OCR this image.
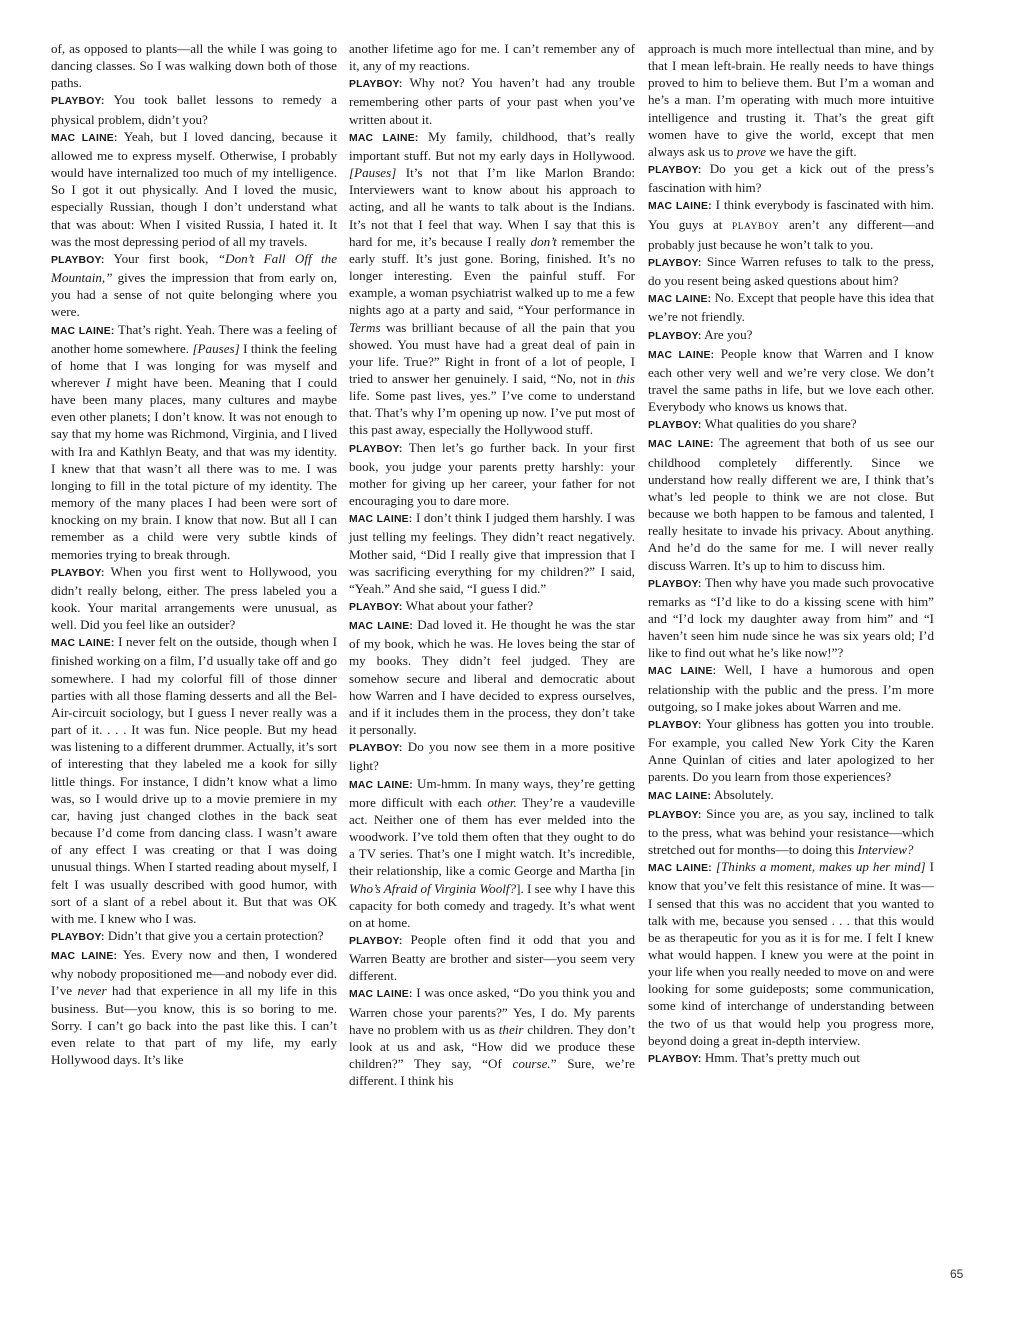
of, as opposed to plants—all the while I was going to dancing classes. So I was walking down both of those paths.

PLAYBOY: You took ballet lessons to remedy a physical problem, didn’t you?

MAC LAINE: Yeah, but I loved dancing, because it allowed me to express myself. Otherwise, I probably would have internalized too much of my intelligence. So I got it out physically. And I loved the music, especially Russian, though I don’t understand what that was about: When I visited Russia, I hated it. It was the most depressing period of all my travels.

PLAYBOY: Your first book, “Don’t Fall Off the Mountain,” gives the impression that from early on, you had a sense of not quite belonging where you were.

MAC LAINE: That’s right. Yeah. There was a feeling of another home somewhere. [Pauses] I think the feeling of home that I was longing for was myself and wherever I might have been. Meaning that I could have been many places, many cultures and maybe even other planets; I don’t know. It was not enough to say that my home was Richmond, Virginia, and I lived with Ira and Kathlyn Beaty, and that was my identity. I knew that that wasn’t all there was to me. I was longing to fill in the total picture of my identity. The memory of the many places I had been were sort of knocking on my brain. I know that now. But all I can remember as a child were very subtle kinds of memories trying to break through.

PLAYBOY: When you first went to Hollywood, you didn’t really belong, either. The press labeled you a kook. Your marital arrangements were unusual, as well. Did you feel like an outsider?

MAC LAINE: I never felt on the outside, though when I finished working on a film, I’d usually take off and go somewhere. I had my colorful fill of those dinner parties with all those flaming desserts and all the Bel-Air-circuit sociology, but I guess I never really was a part of it. . . . It was fun. Nice people. But my head was listening to a different drummer. Actually, it’s sort of interesting that they labeled me a kook for silly little things. For instance, I didn’t know what a limo was, so I would drive up to a movie premiere in my car, having just changed clothes in the back seat because I’d come from dancing class. I wasn’t aware of any effect I was creating or that I was doing unusual things. When I started reading about myself, I felt I was usually described with good humor, with sort of a slant of a rebel about it. But that was OK with me. I knew who I was.

PLAYBOY: Didn’t that give you a certain protection?

MAC LAINE: Yes. Every now and then, I wondered why nobody propositioned me—and nobody ever did. I’ve never had that experience in all my life in this business. But—you know, this is so boring to me. Sorry. I can’t go back into the past like this. I can’t even relate to that part of my life, my early Hollywood days. It’s like

another lifetime ago for me. I can’t remember any of it, any of my reactions.

PLAYBOY: Why not? You haven’t had any trouble remembering other parts of your past when you’ve written about it.

MAC LAINE: My family, childhood, that’s really important stuff. But not my early days in Hollywood. [Pauses] It’s not that I’m like Marlon Brando: Interviewers want to know about his approach to acting, and all he wants to talk about is the Indians. It’s not that I feel that way. When I say that this is hard for me, it’s because I really don’t remember the early stuff. It’s just gone. Boring, finished. It’s no longer interesting. Even the painful stuff. For example, a woman psychiatrist walked up to me a few nights ago at a party and said, “Your performance in Terms was brilliant because of all the pain that you showed. You must have had a great deal of pain in your life. True?” Right in front of a lot of people, I tried to answer her genuinely. I said, “No, not in this life. Some past lives, yes.” I’ve come to understand that. That’s why I’m opening up now. I’ve put most of this past away, especially the Hollywood stuff.

PLAYBOY: Then let’s go further back. In your first book, you judge your parents pretty harshly: your mother for giving up her career, your father for not encouraging you to dare more.

MAC LAINE: I don’t think I judged them harshly. I was just telling my feelings. They didn’t react negatively. Mother said, “Did I really give that impression that I was sacrificing everything for my children?” I said, “Yeah.” And she said, “I guess I did.”

PLAYBOY: What about your father?

MAC LAINE: Dad loved it. He thought he was the star of my book, which he was. He loves being the star of my books. They didn’t feel judged. They are somehow secure and liberal and democratic about how Warren and I have decided to express ourselves, and if it includes them in the process, they don’t take it personally.

PLAYBOY: Do you now see them in a more positive light?

MAC LAINE: Um-hmm. In many ways, they’re getting more difficult with each other. They’re a vaudeville act. Neither one of them has ever melded into the woodwork. I’ve told them often that they ought to do a TV series. That’s one I might watch. It’s incredible, their relationship, like a comic George and Martha [in Who’s Afraid of Virginia Woolf?]. I see why I have this capacity for both comedy and tragedy. It’s what went on at home.

PLAYBOY: People often find it odd that you and Warren Beatty are brother and sister—you seem very different.

MAC LAINE: I was once asked, “Do you think you and Warren chose your parents?” Yes, I do. My parents have no problem with us as their children. They don’t look at us and ask, “How did we produce these children?” They say, “Of course.” Sure, we’re different. I think his

approach is much more intellectual than mine, and by that I mean left-brain. He really needs to have things proved to him to believe them. But I’m a woman and he’s a man. I’m operating with much more intuitive intelligence and trusting it. That’s the great gift women have to give the world, except that men always ask us to prove we have the gift.

PLAYBOY: Do you get a kick out of the press’s fascination with him?

MAC LAINE: I think everybody is fascinated with him. You guys at PLAYBOY aren’t any different—and probably just because he won’t talk to you.

PLAYBOY: Since Warren refuses to talk to the press, do you resent being asked questions about him?

MAC LAINE: No. Except that people have this idea that we’re not friendly.

PLAYBOY: Are you?

MAC LAINE: People know that Warren and I know each other very well and we’re very close. We don’t travel the same paths in life, but we love each other. Everybody who knows us knows that.

PLAYBOY: What qualities do you share?

MAC LAINE: The agreement that both of us see our childhood completely differently. Since we understand how really different we are, I think that’s what’s led people to think we are not close. But because we both happen to be famous and talented, I really hesitate to invade his privacy. About anything. And he’d do the same for me. I will never really discuss Warren. It’s up to him to discuss him.

PLAYBOY: Then why have you made such provocative remarks as “I’d like to do a kissing scene with him” and “I’d lock my daughter away from him” and “I haven’t seen him nude since he was six years old; I’d like to find out what he’s like now!”?

MAC LAINE: Well, I have a humorous and open relationship with the public and the press. I’m more outgoing, so I make jokes about Warren and me.

PLAYBOY: Your glibness has gotten you into trouble. For example, you called New York City the Karen Anne Quinlan of cities and later apologized to her parents. Do you learn from those experiences?

MAC LAINE: Absolutely.

PLAYBOY: Since you are, as you say, inclined to talk to the press, what was behind your resistance—which stretched out for months—to doing this Interview?

MAC LAINE: [Thinks a moment, makes up her mind] I know that you’ve felt this resistance of mine. It was—I sensed that this was no accident that you wanted to talk with me, because you sensed . . . that this would be as therapeutic for you as it is for me. I felt I knew what would happen. I knew you were at the point in your life when you really needed to move on and were looking for some guideposts; some communication, some kind of interchange of understanding between the two of us that would help you progress more, beyond doing a great in-depth interview.

PLAYBOY: Hmm. That’s pretty much out

65
